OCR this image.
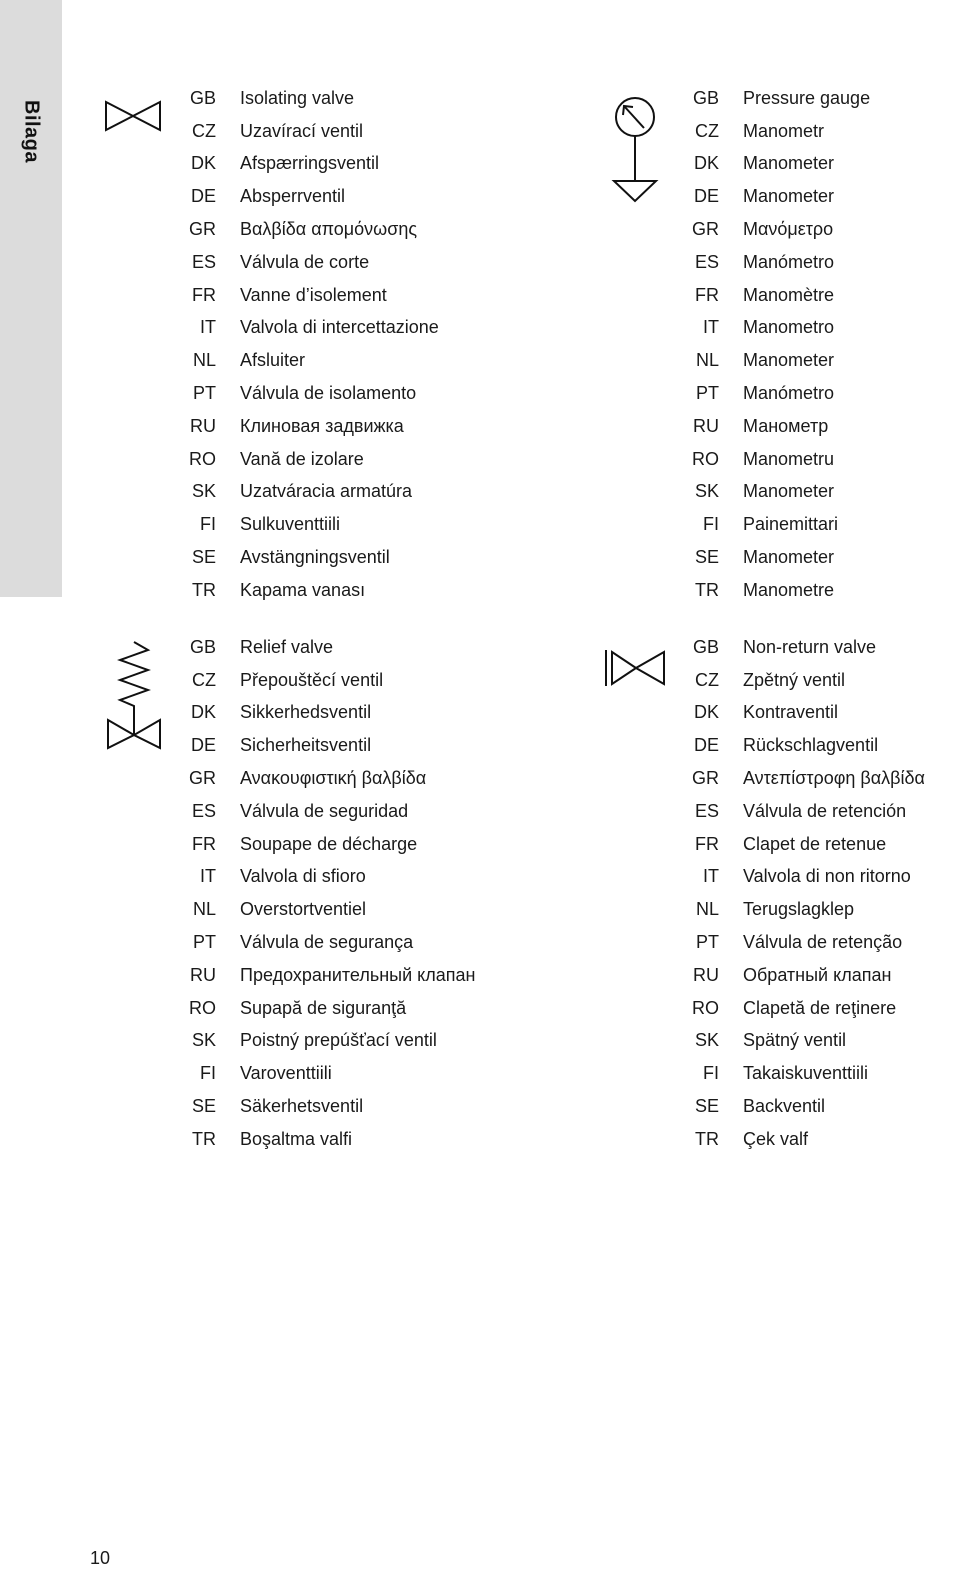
Bilaga
GB Isolating valve
CZ Uzavírací ventil
DK Afspærringsventil
DE Absperrventil
GR Βαλβίδα απομόνωσης
ES Válvula de corte
FR Vanne d’isolement
IT Valvola di intercettazione
NL Afsluiter
PT Válvula de isolamento
RU Клиновая задвижка
RO Vană de izolare
SK Uzatváracia armatúra
FI Sulkuventtiili
SE Avstängningsventil
TR Kapama vanası
GB Pressure gauge
CZ Manometr
DK Manometer
DE Manometer
GR Μανόμετρο
ES Manómetro
FR Manomètre
IT Manometro
NL Manometer
PT Manómetro
RU Манометр
RO Manometru
SK Manometer
FI Painemittari
SE Manometer
TR Manometre
GB Relief valve
CZ Přepouštěcí ventil
DK Sikkerhedsventil
DE Sicherheitsventil
GR Ανακουφιστική βαλβίδα
ES Válvula de seguridad
FR Soupape de décharge
IT Valvola di sfioro
NL Overstortventiel
PT Válvula de segurança
RU Предохранительный клапан
RO Supapă de siguranţă
SK Poistný prepúšťací ventil
FI Varoventtiili
SE Säkerhetsventil
TR Boşaltma valfi
GB Non-return valve
CZ Zpětný ventil
DK Kontraventil
DE Rückschlagventil
GR Αντεπίστροφη βαλβίδα
ES Válvula de retención
FR Clapet de retenue
IT Valvola di non ritorno
NL Terugslagklep
PT Válvula de retenção
RU Обратный клапан
RO Clapetă de reţinere
SK Spätný ventil
FI Takaiskuventtiili
SE Backventil
TR Çek valf
10
